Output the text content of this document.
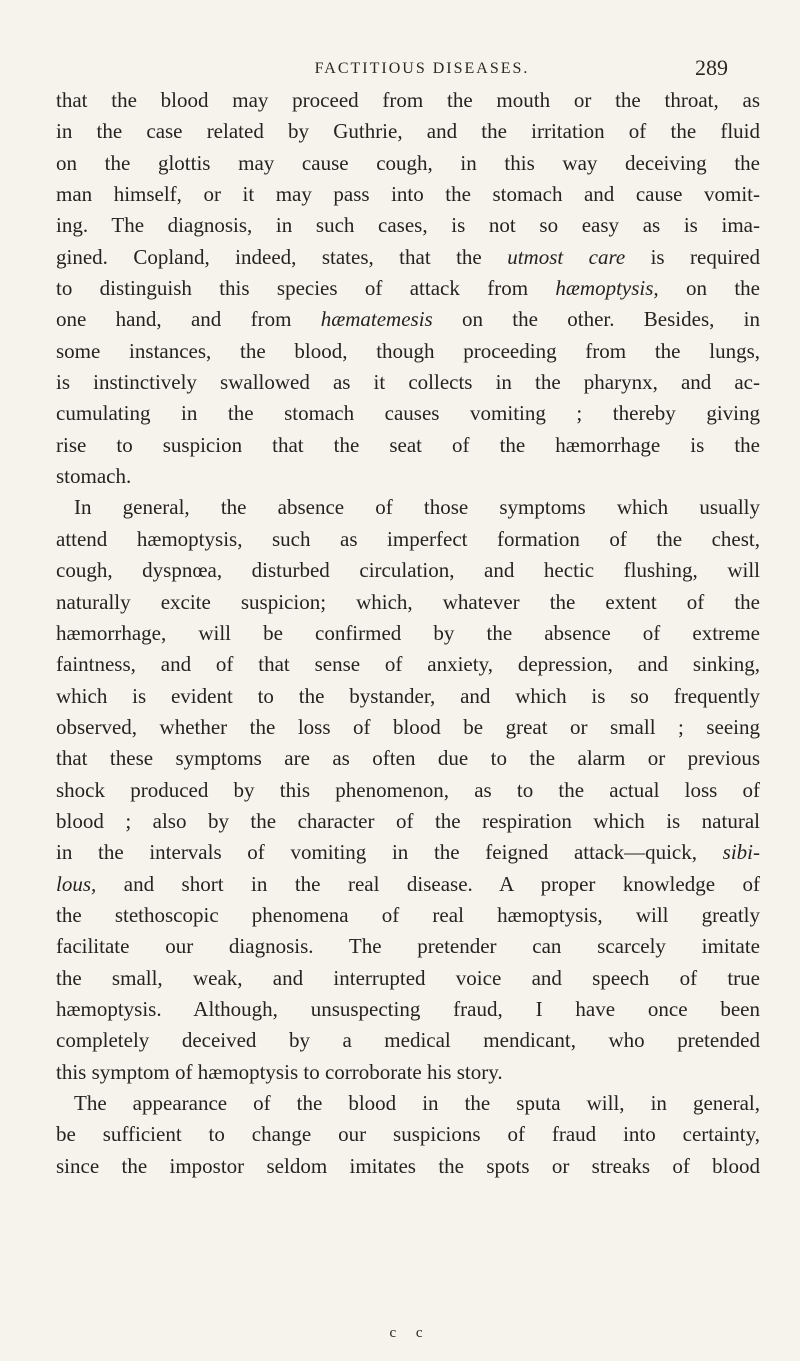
FACTITIOUS DISEASES.	289
that the blood may proceed from the mouth or the throat, as
in the case related by Guthrie, and the irritation of the fluid
on the glottis may cause cough, in this way deceiving the
man himself, or it may pass into the stomach and cause vomit-
ing. The diagnosis, in such cases, is not so easy as is ima-
gined. Copland, indeed, states, that the utmost care is required
to distinguish this species of attack from hæmoptysis, on the
one hand, and from hæmatemesis on the other. Besides, in
some instances, the blood, though proceeding from the lungs,
is instinctively swallowed as it collects in the pharynx, and ac-
cumulating in the stomach causes vomiting ; thereby giving
rise to suspicion that the seat of the hæmorrhage is the
stomach.
In general, the absence of those symptoms which usually
attend hæmoptysis, such as imperfect formation of the chest,
cough, dyspnœa, disturbed circulation, and hectic flushing, will
naturally excite suspicion; which, whatever the extent of the
hæmorrhage, will be confirmed by the absence of extreme
faintness, and of that sense of anxiety, depression, and sinking,
which is evident to the bystander, and which is so frequently
observed, whether the loss of blood be great or small ; seeing
that these symptoms are as often due to the alarm or previous
shock produced by this phenomenon, as to the actual loss of
blood ; also by the character of the respiration which is natural
in the intervals of vomiting in the feigned attack—quick, sibi-
lous, and short in the real disease. A proper knowledge of
the stethoscopic phenomena of real hæmoptysis, will greatly
facilitate our diagnosis. The pretender can scarcely imitate
the small, weak, and interrupted voice and speech of true
hæmoptysis. Although, unsuspecting fraud, I have once been
completely deceived by a medical mendicant, who pretended
this symptom of hæmoptysis to corroborate his story.
The appearance of the blood in the sputa will, in general,
be sufficient to change our suspicions of fraud into certainty,
since the impostor seldom imitates the spots or streaks of blood
c c
